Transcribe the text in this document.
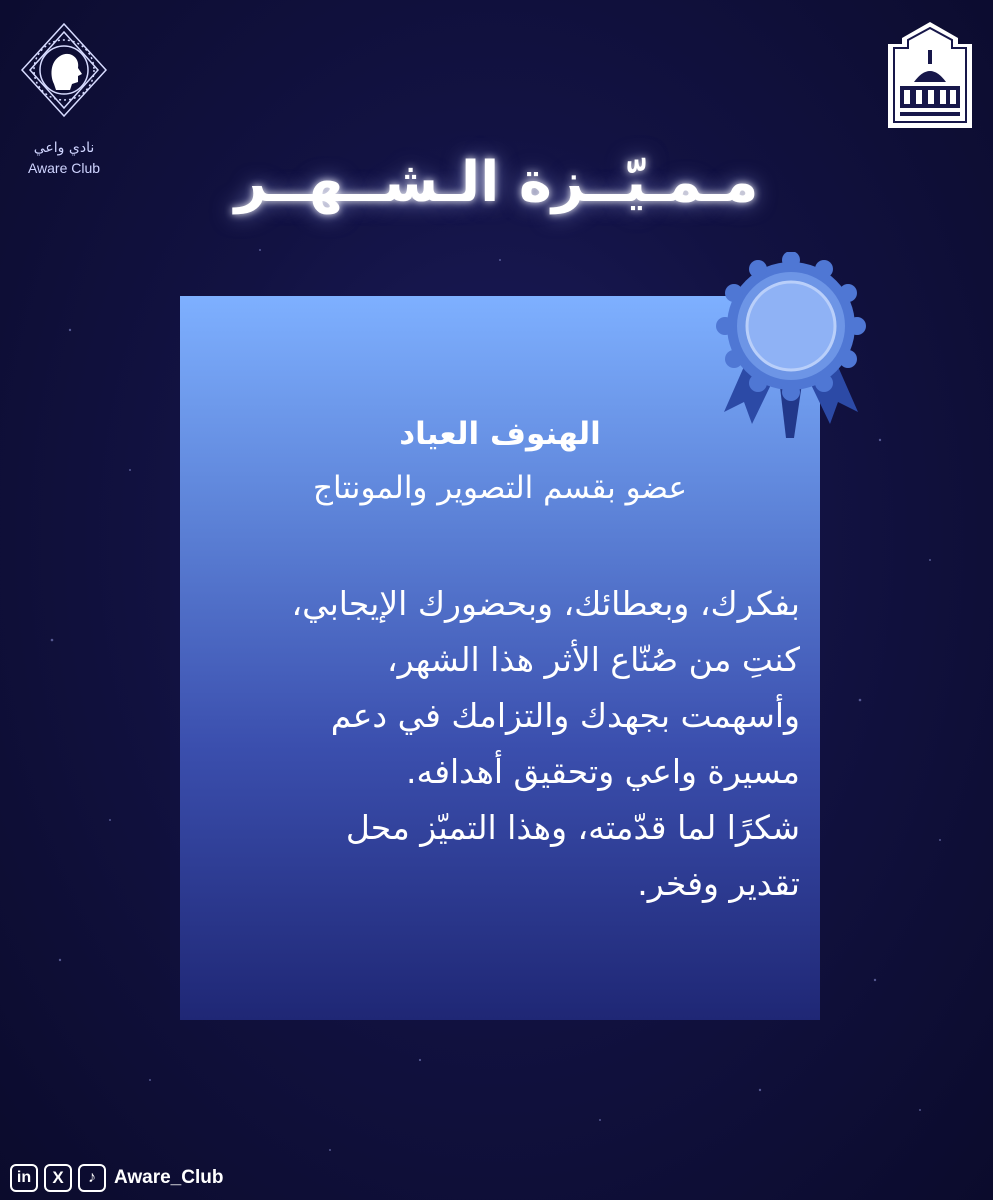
نادي واعي
Aware Club	مـمـيّــزة الـشــهــر
الهنوف العياد
عضو بقسم التصوير والمونتاج
بفكرك، وبعطائك، وبحضورك الإيجابي،
كنتِ من صُنّاع الأثر هذا الشهر،
وأسهمت بجهدك والتزامك في دعم
مسيرة واعي وتحقيق أهدافه.
شكرًا لما قدّمته، وهذا التميّز محل
تقدير وفخر.
in	X	♪ Aware_Club
